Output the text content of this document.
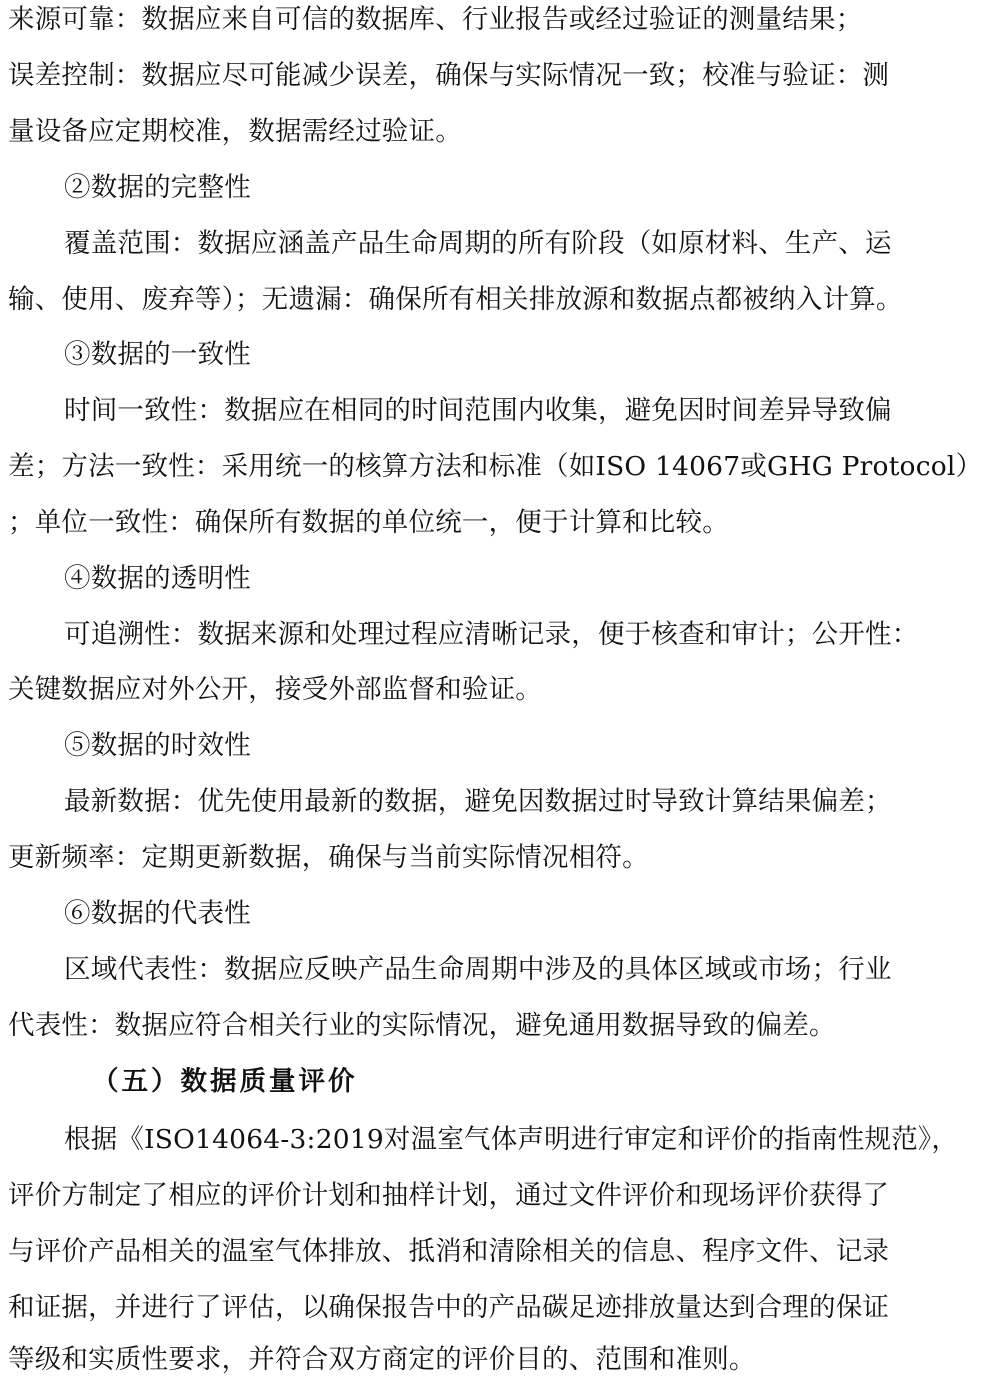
来源可靠：数据应来自可信的数据库、行业报告或经过验证的测量结果；
误差控制：数据应尽可能减少误差，确保与实际情况一致；校准与验证：测
量设备应定期校准，数据需经过验证。
②数据的完整性
覆盖范围：数据应涵盖产品生命周期的所有阶段（如原材料、生产、运
输、使用、废弃等）；无遗漏：确保所有相关排放源和数据点都被纳入计算。
③数据的一致性
时间一致性：数据应在相同的时间范围内收集，避免因时间差异导致偏
差；方法一致性：采用统一的核算方法和标准（如ISO 14067或GHG Protocol）
；单位一致性：确保所有数据的单位统一，便于计算和比较。
④数据的透明性
可追溯性：数据来源和处理过程应清晰记录，便于核查和审计；公开性：
关键数据应对外公开，接受外部监督和验证。
⑤数据的时效性
最新数据：优先使用最新的数据，避免因数据过时导致计算结果偏差；
更新频率：定期更新数据，确保与当前实际情况相符。
⑥数据的代表性
区域代表性：数据应反映产品生命周期中涉及的具体区域或市场；行业
代表性：数据应符合相关行业的实际情况，避免通用数据导致的偏差。
（五）数据质量评价
根据《ISO14064-3:2019对温室气体声明进行审定和评价的指南性规范》，
评价方制定了相应的评价计划和抽样计划，通过文件评价和现场评价获得了
与评价产品相关的温室气体排放、抵消和清除相关的信息、程序文件、记录
和证据，并进行了评估，以确保报告中的产品碳足迹排放量达到合理的保证
等级和实质性要求，并符合双方商定的评价目的、范围和准则。
